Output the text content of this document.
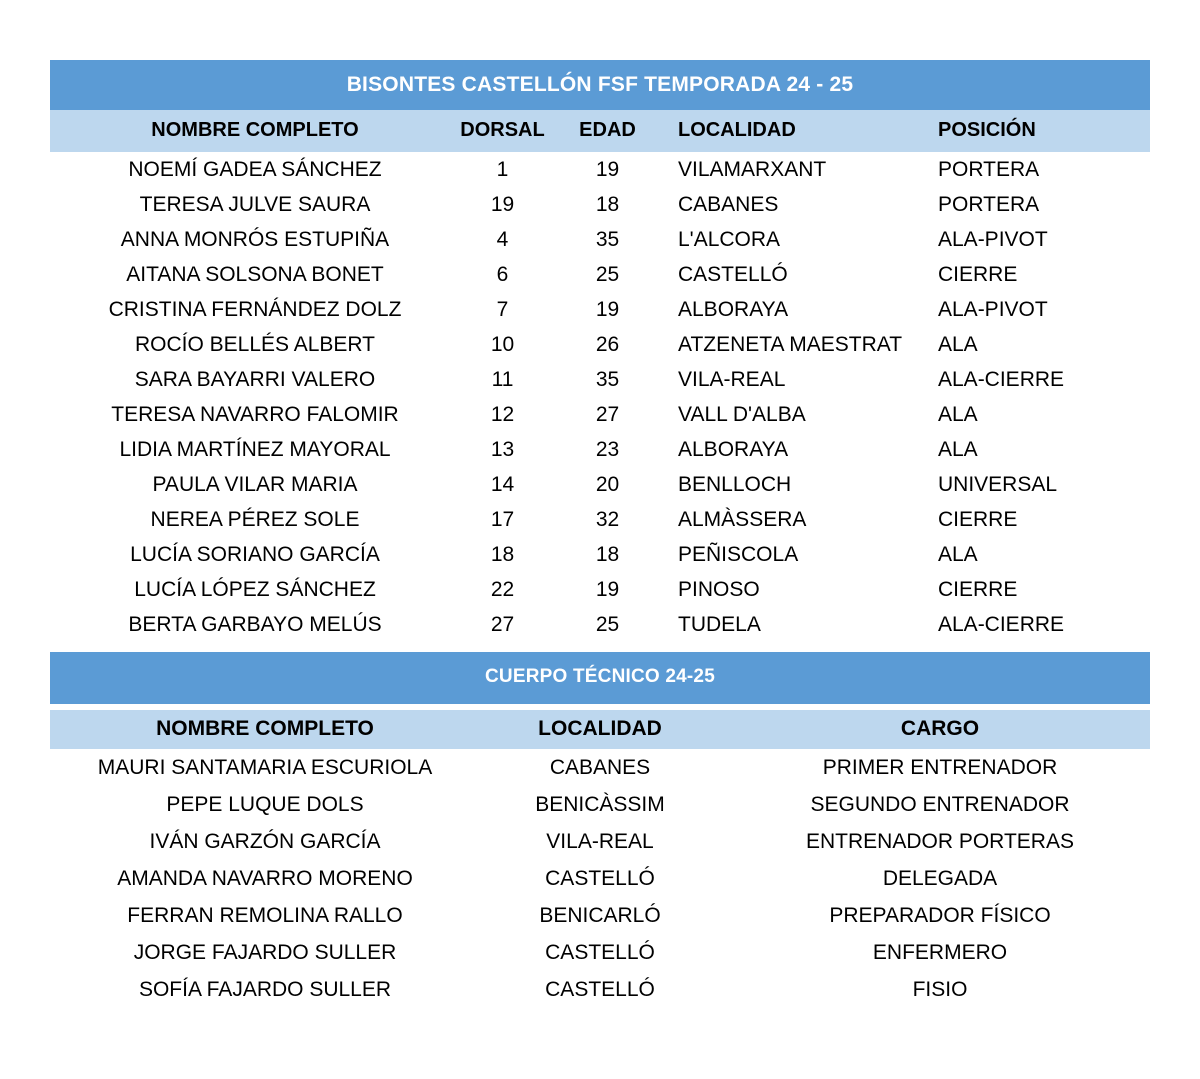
BISONTES CASTELLÓN FSF TEMPORADA 24 - 25
NOMBRE COMPLETO	DORSAL	EDAD	LOCALIDAD	POSICIÓN
NOEMÍ GADEA SÁNCHEZ	1	19	VILAMARXANT	PORTERA
TERESA JULVE SAURA	19	18	CABANES	PORTERA
ANNA MONRÓS ESTUPIÑA	4	35	L'ALCORA	ALA-PIVOT
AITANA SOLSONA BONET	6	25	CASTELLÓ	CIERRE
CRISTINA FERNÁNDEZ DOLZ	7	19	ALBORAYA	ALA-PIVOT
ROCÍO BELLÉS ALBERT	10	26	ATZENETA MAESTRAT	ALA
SARA BAYARRI VALERO	11	35	VILA-REAL	ALA-CIERRE
TERESA NAVARRO FALOMIR	12	27	VALL D'ALBA	ALA
LIDIA MARTÍNEZ MAYORAL	13	23	ALBORAYA	ALA
PAULA VILAR MARIA	14	20	BENLLOCH	UNIVERSAL
NEREA PÉREZ SOLE	17	32	ALMÀSSERA	CIERRE
LUCÍA SORIANO GARCÍA	18	18	PEÑISCOLA	ALA
LUCÍA LÓPEZ SÁNCHEZ	22	19	PINOSO	CIERRE
BERTA GARBAYO MELÚS	27	25	TUDELA	ALA-CIERRE
CUERPO TÉCNICO 24-25
NOMBRE COMPLETO	LOCALIDAD	CARGO
MAURI SANTAMARIA ESCURIOLA	CABANES	PRIMER ENTRENADOR
PEPE LUQUE DOLS	BENICÀSSIM	SEGUNDO ENTRENADOR
IVÁN GARZÓN GARCÍA	VILA-REAL	ENTRENADOR PORTERAS
AMANDA NAVARRO MORENO	CASTELLÓ	DELEGADA
FERRAN REMOLINA RALLO	BENICARLÓ	PREPARADOR FÍSICO
JORGE FAJARDO SULLER	CASTELLÓ	ENFERMERO
SOFÍA FAJARDO SULLER	CASTELLÓ	FISIO
